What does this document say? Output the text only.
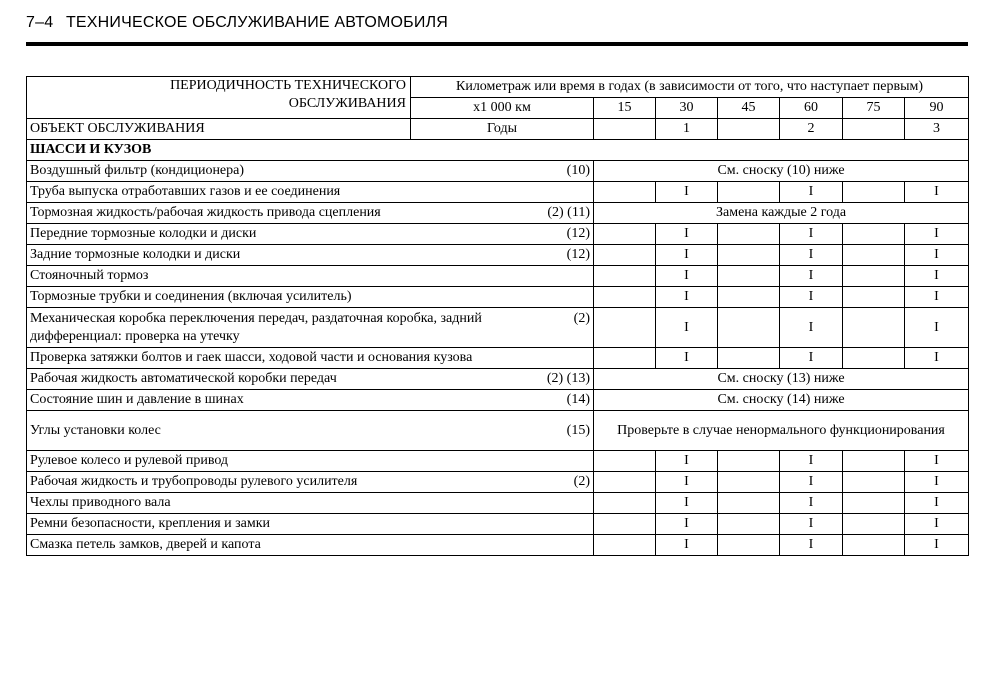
7–4 ТЕХНИЧЕСКОЕ ОБСЛУЖИВАНИЕ АВТОМОБИЛЯ
ПЕРИОДИЧНОСТЬ ТЕХНИЧЕСКОГО
ОБСЛУЖИВАНИЯ	Километраж или время в годах (в зависимости от того, что наступает первым)						
	x1 000 км	15	30	45	60	75	90
ОБЪЕКТ ОБСЛУЖИВАНИЯ	Годы		1		2		3
ШАССИ И КУЗОВ							

Воздушный фильтр (кондиционера) (10)		См. сноску (10) ниже					

Труба выпуска отработавших газов и ее соединения			I		I		I

Тормозная жидкость/рабочая жидкость привода сцепления (2) (11)		Замена каждые 2 года					

Передние тормозные колодки и диски (12)			I		I		I

Задние тормозные колодки и диски (12)			I		I		I

Стояночный тормоз			I		I		I

Тормозные трубки и соединения (включая усилитель)			I		I		I

Механическая коробка переключения передач, раздаточная коробка, задний дифференциал: проверка на утечку
(2)			I		I		I

Проверка затяжки болтов и гаек шасси, ходовой части и основания кузова			I		I		I

Рабочая жидкость автоматической коробки передач (2) (13)		См. сноску (13) ниже					

Состояние шин и давление в шинах (14)		См. сноску (14) ниже					

Углы установки колес (15)		Проверьте в случае ненормального функционирования					

Рулевое колесо и рулевой привод			I		I		I

Рабочая жидкость и трубопроводы рулевого усилителя (2)			I		I		I

Чехлы приводного вала			I		I		I

Ремни безопасности, крепления и замки			I		I		I

Смазка петель замков, дверей и капота			I		I		I
